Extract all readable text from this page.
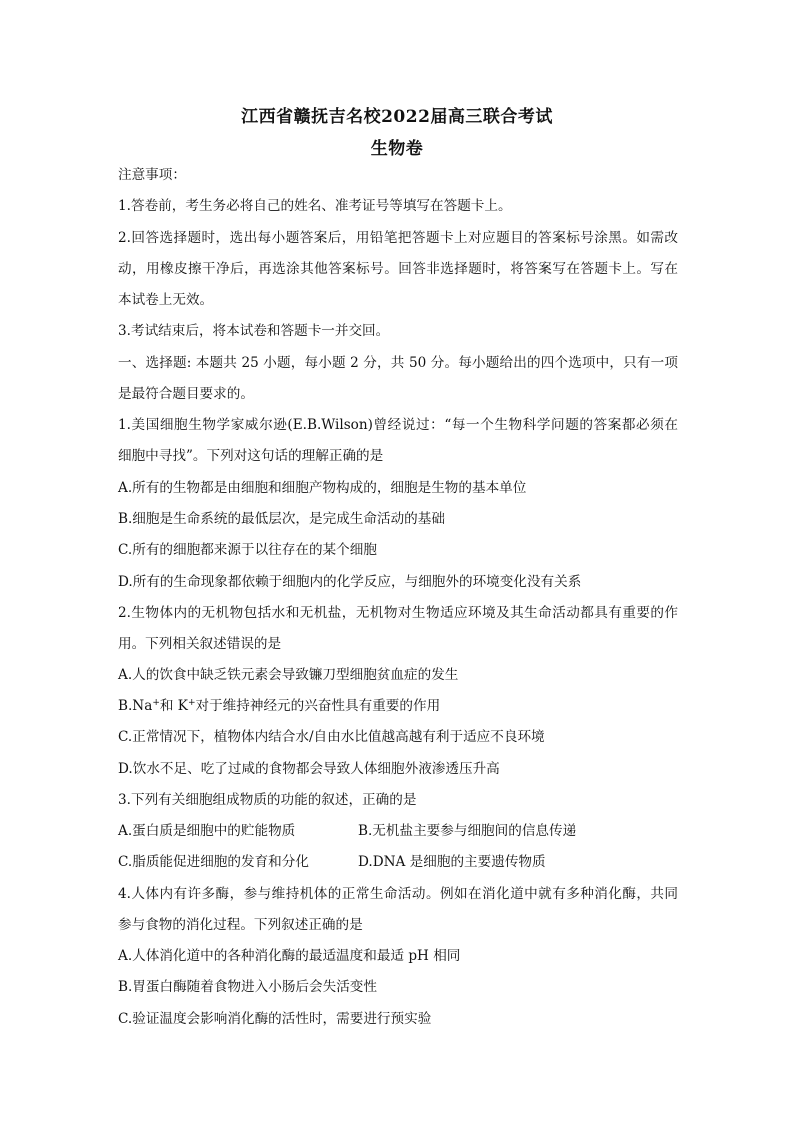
江西省赣抚吉名校2022届高三联合考试
生物卷
注意事项：
1.答卷前，考生务必将自己的姓名、准考证号等填写在答题卡上。
2.回答选择题时，选出每小题答案后，用铅笔把答题卡上对应题目的答案标号涂黑。如需改
动，用橡皮擦干净后，再选涂其他答案标号。回答非选择题时，将答案写在答题卡上。写在
本试卷上无效。
3.考试结束后，将本试卷和答题卡一并交回。
一、选择题: 本题共 25 小题，每小题 2 分，共 50 分。每小题给出的四个选项中，只有一项
是最符合题目要求的。
1.美国细胞生物学家威尔逊(E.B.Wilson)曾经说过：“每一个生物科学问题的答案都必须在
细胞中寻找”。下列对这句话的理解正确的是
A.所有的生物都是由细胞和细胞产物构成的，细胞是生物的基本单位
B.细胞是生命系统的最低层次，是完成生命活动的基础
C.所有的细胞都来源于以往存在的某个细胞
D.所有的生命现象都依赖于细胞内的化学反应，与细胞外的环境变化没有关系
2.生物体内的无机物包括水和无机盐，无机物对生物适应环境及其生命活动都具有重要的作
用。下列相关叙述错误的是
A.人的饮食中缺乏铁元素会导致镰刀型细胞贫血症的发生
B.Na+和 K+对于维持神经元的兴奋性具有重要的作用
C.正常情况下，植物体内结合水/自由水比值越高越有利于适应不良环境
D.饮水不足、吃了过咸的食物都会导致人体细胞外液渗透压升高
3.下列有关细胞组成物质的功能的叙述，正确的是
A.蛋白质是细胞中的贮能物质	B.无机盐主要参与细胞间的信息传递
C.脂质能促进细胞的发育和分化	D.DNA 是细胞的主要遗传物质
4.人体内有许多酶，参与维持机体的正常生命活动。例如在消化道中就有多种消化酶，共同
参与食物的消化过程。下列叙述正确的是
A.人体消化道中的各种消化酶的最适温度和最适 pH 相同
B.胃蛋白酶随着食物进入小肠后会失活变性
C.验证温度会影响消化酶的活性时，需要进行预实验
